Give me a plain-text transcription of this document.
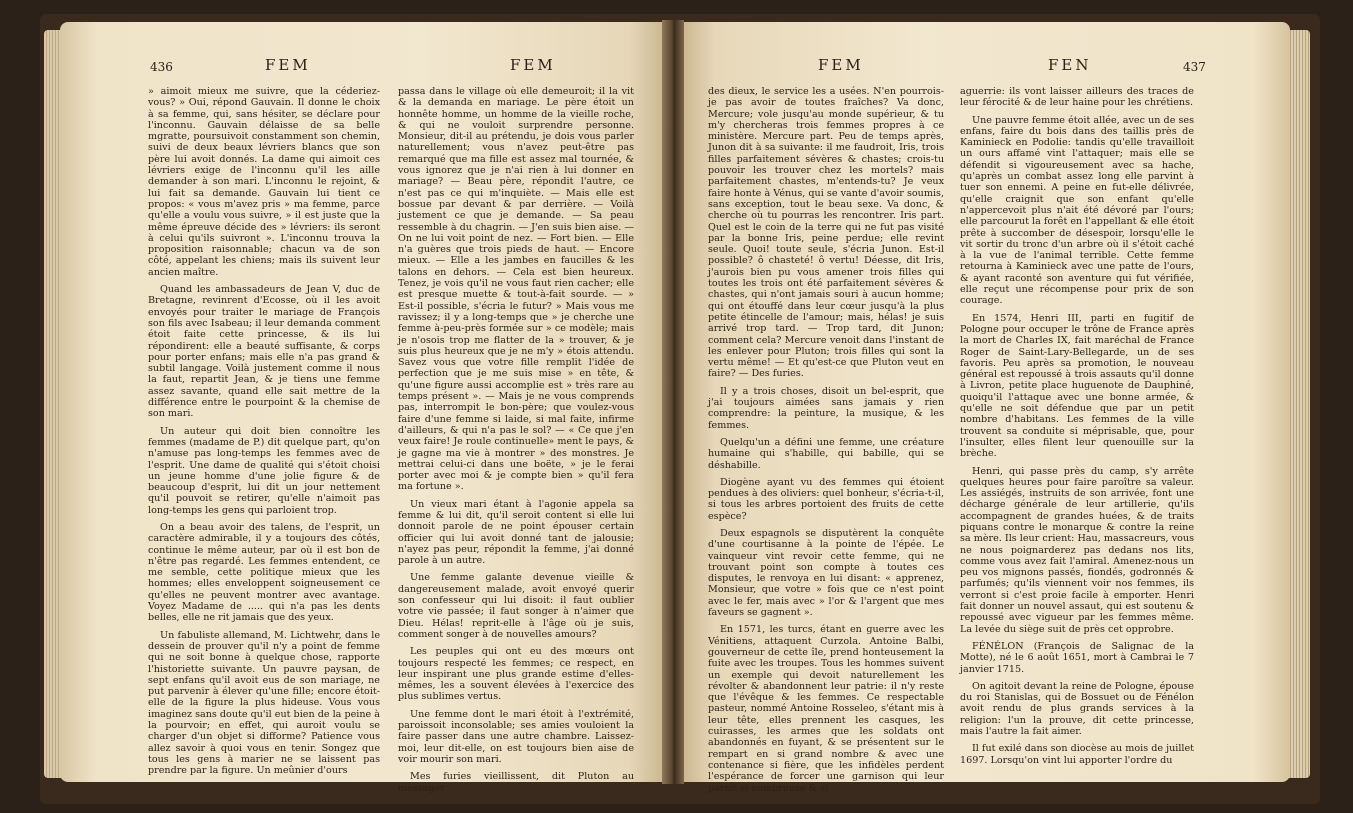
436	FEM	FEM

» aimoit mieux me suivre, que la céderiez-vous? » Oui, répond Gauvain. Il donne le choix à sa femme, qui, sans hésiter, se déclare pour l'inconnu. Gauvain délaisse de sa belle mgratte, poursuivoit constamment son chemin, suivi de deux beaux lévriers blancs que son père lui avoit donnés. La dame qui aimoit ces lévriers exige de l'inconnu qu'il les aille demander à son mari. L'inconnu le rejoint, & lui fait sa demande. Gauvain lui tient ce propos: « vous m'avez pris » ma femme, parce qu'elle a voulu vous suivre, » il est juste que la même épreuve décide des » lévriers: ils seront à celui qu'ils suivront ». L'inconnu trouva la proposition raisonnable; chacun va de son côté, appelant les chiens; mais ils suivent leur ancien maître.

Quand les ambassadeurs de Jean V, duc de Bretagne, revinrent d'Ecosse, où il les avoit envoyés pour traiter le mariage de François son fils avec Isabeau; il leur demanda comment étoit faite cette princesse, & ils lui répondirent: elle a beauté suffisante, & corps pour porter enfans; mais elle n'a pas grand & subtil langage. Voilà justement comme il nous la faut, repartit Jean, & je tiens une femme assez savante, quand elle sait mettre de la différence entre le pourpoint & la chemise de son mari.

Un auteur qui doit bien connoître les femmes (madame de P.) dit quelque part, qu'on n'amuse pas long-temps les femmes avec de l'esprit. Une dame de qualité qui s'étoit choisi un jeune homme d'une jolie figure & de beaucoup d'esprit, lui dit un jour nettement qu'il pouvoit se retirer, qu'elle n'aimoit pas long-temps les gens qui parloient trop.

On a beau avoir des talens, de l'esprit, un caractère admirable, il y a toujours des côtés, continue le même auteur, par où il est bon de n'être pas regardé. Les femmes entendent, ce me semble, cette politique mieux que les hommes; elles enveloppent soigneusement ce qu'elles ne peuvent montrer avec avantage. Voyez Madame de ..... qui n'a pas les dents belles, elle ne rit jamais que des yeux.

Un fabuliste allemand, M. Lichtwehr, dans le dessein de prouver qu'il n'y a point de femme qui ne soit bonne à quelque chose, rapporte l'historiette suivante. Un pauvre paysan, de sept enfans qu'il avoit eus de son mariage, ne put parvenir à élever qu'une fille; encore étoit-elle de la figure la plus hideuse. Vous vous imaginez sans doute qu'il eut bien de la peine à la pourvoir; en effet, qui auroit voulu se charger d'un objet si difforme? Patience vous allez savoir à quoi vous en tenir. Songez que tous les gens à marier ne se laissent pas prendre par la figure. Un meûnier d'ours

passa dans le village où elle demeuroit; il la vit & la demanda en mariage. Le père étoit un honnête homme, un homme de la vieille roche, & qui ne vouloit surprendre personne. Monsieur, dit-il au prétendu, je dois vous parler naturellement; vous n'avez peut-être pas remarqué que ma fille est assez mal tournée, & vous ignorez que je n'ai rien à lui donner en mariage? — Beau père, répondit l'autre, ce n'est pas ce qui m'inquiète. — Mais elle est bossue par devant & par derrière. — Voilà justement ce que je demande. — Sa peau ressemble à du chagrin. — J'en suis bien aise. — On ne lui voit point de nez. — Fort bien. — Elle n'a guères que trois pieds de haut. — Encore mieux. — Elle a les jambes en faucilles & les talons en dehors. — Cela est bien heureux. Tenez, je vois qu'il ne vous faut rien cacher; elle est presque muette & tout-à-fait sourde. — » Est-il possible, s'écria le futur? » Mais vous me ravissez; il y a long-temps que » je cherche une femme à-peu-près formée sur » ce modèle; mais je n'osois trop me flatter de la » trouver, & je suis plus heureux que je ne m'y » étois attendu. Savez vous que votre fille remplit l'idée de perfection que je me suis mise » en tête, & qu'une figure aussi accomplie est » très rare au temps présent ». — Mais je ne vous comprends pas, interrompit le bon-père; que voulez-vous faire d'une femme si laide, si mal faite, infirme d'ailleurs, & qui n'a pas le sol? — « Ce que j'en veux faire! Je roule continuelle» ment le pays, & je gagne ma vie à montrer » des monstres. Je mettrai celui-ci dans une boëte, » je le ferai porter avec moi & je compte bien » qu'il fera ma fortune ».

Un vieux mari étant à l'agonie appela sa femme & lui dit, qu'il seroit content si elle lui donnoit parole de ne point épouser certain officier qui lui avoit donné tant de jalousie; n'ayez pas peur, répondit la femme, j'ai donné parole à un autre.

Une femme galante devenue vieille & dangereusement malade, avoit envoyé querir son confesseur qui lui disoit: il faut oublier votre vie passée; il faut songer à n'aimer que Dieu. Hélas! reprit-elle à l'âge où je suis, comment songer à de nouvelles amours?

Les peuples qui ont eu des mœurs ont toujours respecté les femmes; ce respect, en leur inspirant une plus grande estime d'elles-mêmes, les a souvent élevées à l'exercice des plus sublimes vertus.

Une femme dont le mari étoit à l'extrémité, paroissoit inconsolable; ses amies vouloient la faire passer dans une autre chambre. Laissez-moi, leur dit-elle, on est toujours bien aise de voir mourir son mari.

Mes furies vieillissent, dit Pluton au messager

FEM	FEN	437

des dieux, le service les a usées. N'en pourrois-je pas avoir de toutes fraîches? Va donc, Mercure; vole jusqu'au monde supérieur, & tu m'y chercheras trois femmes propres à ce ministère. Mercure part. Peu de temps après, Junon dit à sa suivante: il me faudroit, Iris, trois filles parfaitement sévères & chastes; crois-tu pouvoir les trouver chez les mortels? mais parfaitement chastes, m'entends-tu? Je veux faire honte à Vénus, qui se vante d'avoir soumis, sans exception, tout le beau sexe. Va donc, & cherche où tu pourras les rencontrer. Iris part. Quel est le coin de la terre qui ne fut pas visité par la bonne Iris, peine perdue; elle revint seule. Quoi! toute seule, s'écria Junon. Est-il possible? ô chasteté! ô vertu! Déesse, dit Iris, j'aurois bien pu vous amener trois filles qui toutes les trois ont été parfaitement sévères & chastes, qui n'ont jamais souri à aucun homme; qui ont étouffé dans leur cœur jusqu'à la plus petite étincelle de l'amour; mais, hélas! je suis arrivé trop tard. — Trop tard, dit Junon; comment cela? Mercure venoit dans l'instant de les enlever pour Pluton; trois filles qui sont la vertu même! — Et qu'est-ce que Pluton veut en faire? — Des furies.

Il y a trois choses, disoit un bel-esprit, que j'ai toujours aimées sans jamais y rien comprendre: la peinture, la musique, & les femmes.

Quelqu'un a défini une femme, une créature humaine qui s'habille, qui babille, qui se déshabille.

Diogène ayant vu des femmes qui étoient pendues à des oliviers: quel bonheur, s'écria-t-il, si tous les arbres portoient des fruits de cette espèce?

Deux espagnols se disputèrent la conquête d'une courtisanne à la pointe de l'épée. Le vainqueur vint revoir cette femme, qui ne trouvant point son compte à toutes ces disputes, le renvoya en lui disant: « apprenez, Monsieur, que votre » fois que ce n'est point avec le fer, mais avec » l'or & l'argent que mes faveurs se gagnent ».

En 1571, les turcs, étant en guerre avec les Vénitiens, attaquent Curzola. Antoine Balbi, gouverneur de cette île, prend honteusement la fuite avec les troupes. Tous les hommes suivent un exemple qui devoit naturellement les révolter & abandonnent leur patrie: il n'y reste que l'évêque & les femmes. Ce respectable pasteur, nommé Antoine Rosseleo, s'étant mis à leur tête, elles prennent les casques, les cuirasses, les armes que les soldats ont abandonnés en fuyant, & se présentent sur le rempart en si grand nombre & avec une contenance si fière, que les infidèles perdent l'espérance de forcer une garnison qui leur paroît si nombreuse & si

aguerrie: ils vont laisser ailleurs des traces de leur férocité & de leur haine pour les chrétiens.

Une pauvre femme étoit allée, avec un de ses enfans, faire du bois dans des taillis près de Kaminieck en Podolie: tandis qu'elle travailloit un ours affamé vint l'attaquer; mais elle se défendit si vigoureusement avec sa hache, qu'après un combat assez long elle parvint à tuer son ennemi. A peine en fut-elle délivrée, qu'elle craignit que son enfant qu'elle n'appercevoit plus n'ait été dévoré par l'ours; elle parcourut la forêt en l'appellant & elle étoit prête à succomber de désespoir, lorsqu'elle le vit sortir du tronc d'un arbre où il s'étoit caché à la vue de l'animal terrible. Cette femme retourna à Kaminieck avec une patte de l'ours, & ayant raconté son aventure qui fut vérifiée, elle reçut une récompense pour prix de son courage.

En 1574, Henri III, parti en fugitif de Pologne pour occuper le trône de France après la mort de Charles IX, fait maréchal de France Roger de Saint-Lary-Bellegarde, un de ses favoris. Peu après sa promotion, le nouveau général est repoussé à trois assauts qu'il donne à Livron, petite place huguenote de Dauphiné, quoiqu'il l'attaque avec une bonne armée, & qu'elle ne soit défendue que par un petit nombre d'habitans. Les femmes de la ville trouvent sa conduite si méprisable, que, pour l'insulter, elles filent leur quenouille sur la brèche.

Henri, qui passe près du camp, s'y arrête quelques heures pour faire paroître sa valeur. Les assiégés, instruits de son arrivée, font une décharge générale de leur artillerie, qu'ils accompagnent de grandes huées, & de traits piquans contre le monarque & contre la reine sa mère. Ils leur crient: Hau, massacreurs, vous ne nous poignarderez pas dedans nos lits, comme vous avez fait l'amiral. Amenez-nous un peu vos mignons passés, fiondés, godronnés & parfumés; qu'ils viennent voir nos femmes, ils verront si c'est proie facile à emporter. Henri fait donner un nouvel assaut, qui est soutenu & repoussé avec vigueur par les femmes même. La levée du siège suit de près cet opprobre.

FÉNÉLON (François de Salignac de la Motte), né le 6 août 1651, mort à Cambrai le 7 janvier 1715.

On agitoit devant la reine de Pologne, épouse du roi Stanislas, qui de Bossuet ou de Fénélon avoit rendu de plus grands services à la religion: l'un la prouve, dit cette princesse, mais l'autre la fait aimer.

Il fut exilé dans son diocèse au mois de juillet 1697. Lorsqu'on vint lui apporter l'ordre du
